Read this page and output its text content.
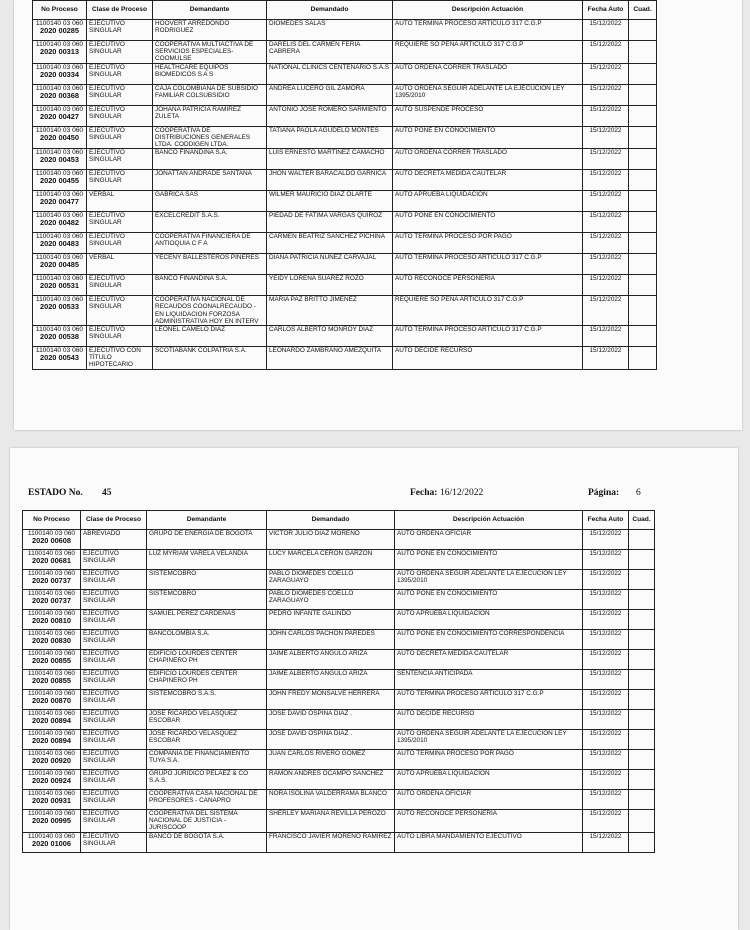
No Proceso	Clase de Proceso	Demandante	Demandado	Descripción Actuación	Fecha Auto	Cuad.
1100140 03 060
2020 00285	EJECUTIVO SINGULAR	HOOVERT ARREDONDO RODRIGUEZ	DIOMEDES SALAS	AUTO TERMINA PROCESO ARTICULO 317 C.G.P	15/12/2022	
1100140 03 060
2020 00313	EJECUTIVO SINGULAR	COOPERATIVA MULTIACTIVA DE SERVICIOS ESPECIALES-COOMULSE	DARELIS DEL CARMEN FERIA CABRERA	REQUIERE SO PENA ARTICULO 317 C.G.P	15/12/2022	
1100140 03 060
2020 00334	EJECUTIVO SINGULAR	HEALTHCARE EQUIPOS BIOMEDICOS S A S	NATIONAL CLINICS CENTENARIO S.A.S	AUTO ORDENA CORRER TRASLADO	15/12/2022	
1100140 03 060
2020 00368	EJECUTIVO SINGULAR	CAJA COLOMBIANA DE SUBSIDIO FAMILIAR COLSUBSIDIO	ANDREA LUCERO GIL ZAMORA	AUTO ORDENA SEGUIR ADELANTE LA EJECUCION LEY 1395/2010	15/12/2022	
1100140 03 060
2020 00427	EJECUTIVO SINGULAR	JOHANA PATRICIA RAMIREZ ZULETA	ANTONIO JOSE ROMERO SARMIENTO	AUTO SUSPENDE PROCESO	15/12/2022	
1100140 03 060
2020 00450	EJECUTIVO SINGULAR	COOPERATIVA DE DISTRIBUCIONES GENERALES LTDA. CODDIGEN LTDA.	TATIANA PAOLA AGUDELO MONTES	AUTO PONE EN CONOCIMIENTO	15/12/2022	
1100140 03 060
2020 00453	EJECUTIVO SINGULAR	BANCO FINANDINA S.A.	LUIS ERNESTO MARTINEZ CAMACHO	AUTO ORDENA CORRER TRASLADO	15/12/2022	
1100140 03 060
2020 00455	EJECUTIVO SINGULAR	JONATTAN ANDRADE SANTANA	JHON WALTER BARACALDO GARNICA	AUTO DECRETA MEDIDA CAUTELAR	15/12/2022	
1100140 03 060
2020 00477	VERBAL	GABRICA SAS	WILMER MAURICIO DIAZ OLARTE	AUTO APRUEBA LIQUIDACIÓN	15/12/2022	
1100140 03 060
2020 00482	EJECUTIVO SINGULAR	EXCELCREDIT S.A.S.	PIEDAD DE FATIMA VARGAS QUIROZ	AUTO PONE EN CONOCIMIENTO	15/12/2022	
1100140 03 060
2020 00483	EJECUTIVO SINGULAR	COOPERATIVA FINANCIERA DE ANTIOQUIA C F A	CARMEN BEATRIZ SANCHEZ PICHINA	AUTO TERMINA PROCESO POR PAGO	15/12/2022	
1100140 03 060
2020 00485	VERBAL	YECENY BALLESTEROS PIÑERES	DIANA PATRICIA NUÑEZ CARVAJAL	AUTO TERMINA PROCESO ARTICULO 317 C.G.P	15/12/2022	
1100140 03 060
2020 00531	EJECUTIVO SINGULAR	BANCO FINANDINA S.A.	YEIDY LORENA SUAREZ ROZO	AUTO RECONOCE PERSONERÍA	15/12/2022	
1100140 03 060
2020 00533	EJECUTIVO SINGULAR	COOPERATIVA NACIONAL DE RECAUDOS COONALRECAUDO - EN LIQUIDACION FORZOSA ADMINISTRATIVA HOY EN INTERV	MARIA PAZ BRITTO JIMENEZ	REQUIERE SO PENA ARTICULO 317 C.G.P	15/12/2022	
1100140 03 060
2020 00538	EJECUTIVO SINGULAR	LEONEL CAMELO DIAZ	CARLOS ALBERTO MONROY DIAZ	AUTO TERMINA PROCESO ARTICULO 317 C.G.P	15/12/2022	
1100140 03 060
2020 00543	EJECUTIVO CON TÍTULO HIPOTECARIO	SCOTIABANK COLPATRIA S.A.	LEONARDO ZAMBRANO AMEZQUITA	AUTO DECIDE RECURSO	15/12/2022	
ESTADO No. 45	Fecha: 16/12/2022	Página: 6
No Proceso	Clase de Proceso	Demandante	Demandado	Descripción Actuación	Fecha Auto	Cuad.
1100140 03 060
2020 00608	ABREVIADO	GRUPO DE ENERGIA DE BOGOTA	VICTOR JULIO DIAZ MORENO	AUTO ORDENA OFICIAR	15/12/2022	
1100140 03 060
2020 00681	EJECUTIVO SINGULAR	LUZ MYRIAM VARELA VELANDIA	LUCY MARCELA CERON GARZÓN	AUTO PONE EN CONOCIMIENTO	15/12/2022	
1100140 03 060
2020 00737	EJECUTIVO SINGULAR	SISTEMCOBRO	PABLO DIOMEDES COELLO ZARAGUAYO	AUTO ORDENA SEGUIR ADELANTE LA EJECUCION LEY 1395/2010	15/12/2022	
1100140 03 060
2020 00737	EJECUTIVO SINGULAR	SISTEMCOBRO	PABLO DIOMEDES COELLO ZARAGUAYO	AUTO PONE EN CONOCIMIENTO	15/12/2022	
1100140 03 060
2020 00810	EJECUTIVO SINGULAR	SAMUEL PEREZ CARDENAS	PEDRO INFANTE GALINDO	AUTO APRUEBA LIQUIDACIÓN	15/12/2022	
1100140 03 060
2020 00830	EJECUTIVO SINGULAR	BANCOLOMBIA S.A.	JOHN CARLOS PACHON PAREDES	AUTO PONE EN CONOCIMIENTO CORRESPONDENCIA	15/12/2022	
1100140 03 060
2020 00855	EJECUTIVO SINGULAR	EDIFICIO LOURDES CENTER CHAPINERO PH	JAIME ALBERTO ANGULO ARIZA	AUTO DECRETA MEDIDA CAUTELAR	15/12/2022	
1100140 03 060
2020 00855	EJECUTIVO SINGULAR	EDIFICIO LOURDES CENTER CHAPINERO PH	JAIME ALBERTO ANGULO ARIZA	SENTENCIA ANTICIPADA	15/12/2022	
1100140 03 060
2020 00870	EJECUTIVO SINGULAR	SISTEMCOBRO S.A.S.	JOHN FREDY MONSALVE HERRERA	AUTO TERMINA PROCESO ARTICULO 317 C.G.P	15/12/2022	
1100140 03 060
2020 00894	EJECUTIVO SINGULAR	JOSE RICARDO VELASQUEZ ESCOBAR	JOSE DAVID OSPINA DIAZ .	AUTO DECIDE RECURSO	15/12/2022	
1100140 03 060
2020 00894	EJECUTIVO SINGULAR	JOSE RICARDO VELASQUEZ ESCOBAR	JOSE DAVID OSPINA DIAZ .	AUTO ORDENA SEGUIR ADELANTE LA EJECUCION LEY 1395/2010	15/12/2022	
1100140 03 060
2020 00920	EJECUTIVO SINGULAR	COMPAÑIA DE FINANCIAMIENTO TUYA S.A.	JUAN CARLOS RIVERO GOMEZ	AUTO TERMINA PROCESO POR PAGO	15/12/2022	
1100140 03 060
2020 00924	EJECUTIVO SINGULAR	GRUPO JURIDICO PELAEZ & CO S.A.S.	RAMON ANDRES OCAMPO SANCHEZ	AUTO APRUEBA LIQUIDACIÓN	15/12/2022	
1100140 03 060
2020 00931	EJECUTIVO SINGULAR	COOPERATIVA CASA NACIONAL DE PROFESORES - CANAPRO	NORA ISOLINA VALDERRAMA BLANCO	AUTO ORDENA OFICIAR	15/12/2022	
1100140 03 060
2020 00995	EJECUTIVO SINGULAR	COOPERATIVA DEL SISTEMA NACIONAL DE JUSTICIA - JURISCOOP	SHERLEY MARIANA REVILLA PEROZO	AUTO RECONOCE PERSONERÍA	15/12/2022	
1100140 03 060
2020 01006	EJECUTIVO SINGULAR	BANCO DE BOGOTA S.A.	FRANCISCO JAVIER MORENO RAMIREZ	AUTO LIBRA MANDAMIENTO EJECUTIVO	15/12/2022	
